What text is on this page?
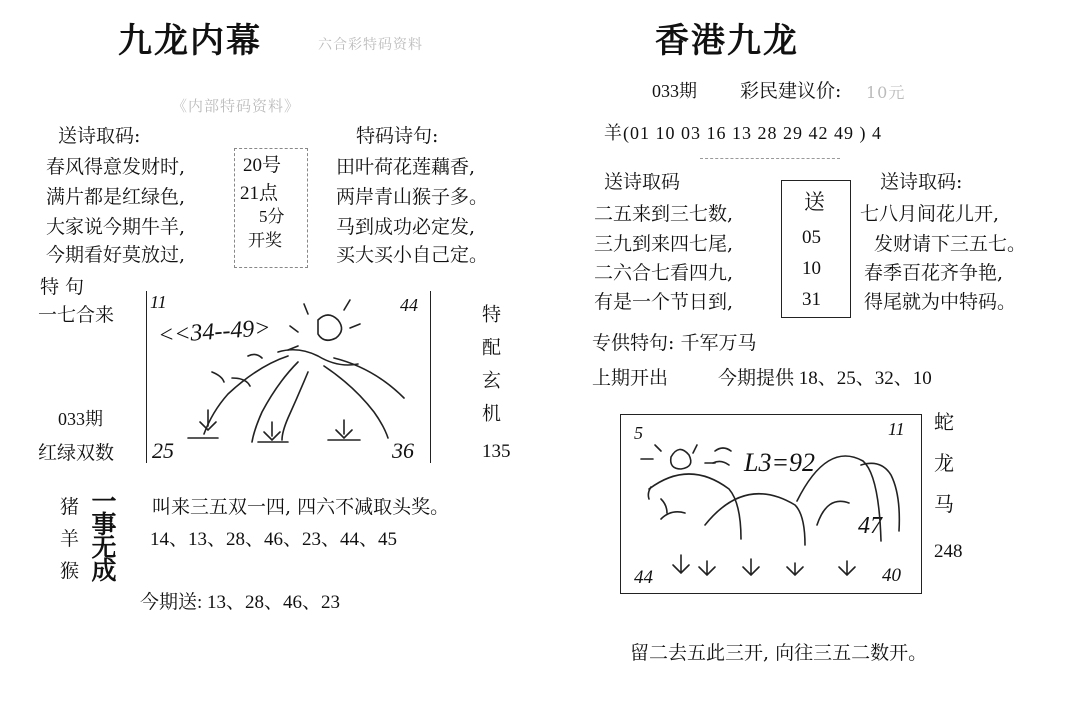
九龙内幕	六合彩特码资料
《内部特码资料》
送诗取码:
春风得意发财时,
满片都是红绿色,
大家说今期牛羊,
今期看好莫放过,
20号
21点
5分
开奖
特码诗句:
田叶荷花莲藕香,
两岸青山猴子多。
马到成功必定发,
买大买小自己定。
特 句
一七合来
033期
红绿双数
11	44
25	36
<<34--49>	特配玄机
135
猪
羊
猴 一事无成 叫来三五双一四, 四六不减取头奖。
14、13、28、46、23、44、45
今期送: 13、28、46、23
香港九龙
033期 彩民建议价: 10元
羊(01 10 03 16 13 28 29 42 49 ) 4
送诗取码
二五来到三七数,
三九到来四七尾,
二六合七看四九,
有是一个节日到,
送
05
10
31
送诗取码:
七八月间花儿开,
发财请下三五七。
春季百花齐争艳,
得尾就为中特码。
专供特句: 千军万马
上期开出	今期提供 18、25、32、10
5	11
47
44	40
L3=92
蛇
龙
马
248
留二去五此三开, 向往三五二数开。
